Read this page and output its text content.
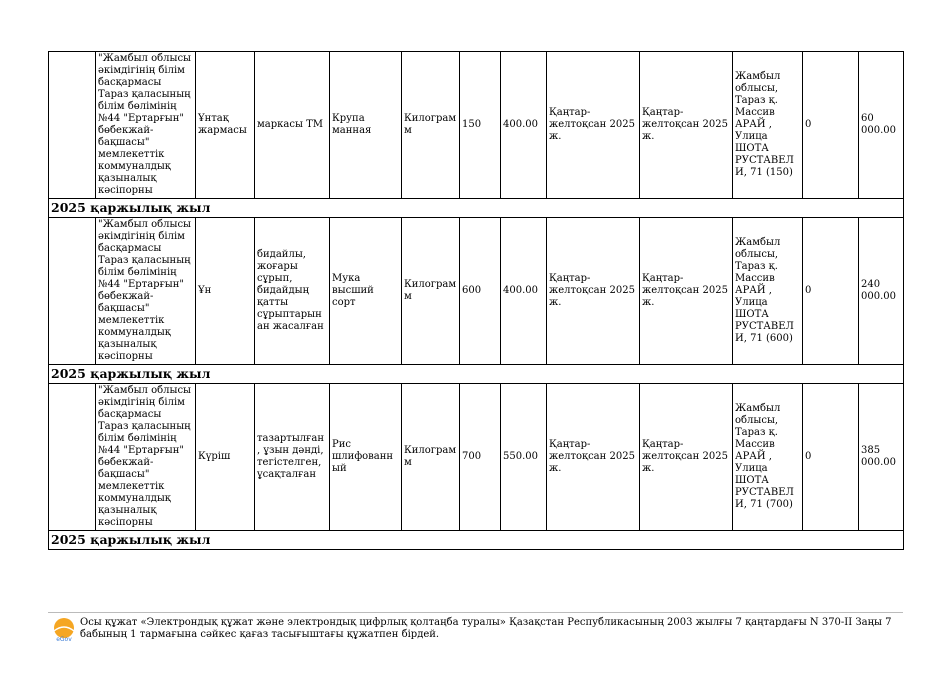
	"Жамбыл облысы әкімдігінің білім басқармасы Тараз қаласының білім бөлімінің №44 "Ертарғын" бөбекжай-бақшасы" мемлекеттік коммуналдық қазыналық кәсіпорны	Ұнтақ жармасы	маркасы ТМ	Крупа манная	Килограмм	150	400.00	Қаңтар-желтоқсан 2025 ж.	Қаңтар-желтоқсан 2025 ж.	Жамбыл облысы, Тараз қ. Массив АРАЙ , Улица ШОТА РУСТАВЕЛИ, 71 (150)	0	60 000.00
2025 қаржылық жыл												
	"Жамбыл облысы әкімдігінің білім басқармасы Тараз қаласының білім бөлімінің №44 "Ертарғын" бөбекжай-бақшасы" мемлекеттік коммуналдық қазыналық кәсіпорны	Ұн	бидайлы, жоғары сұрып, бидайдың қатты сұрыптарынан жасалған	Мука высший сорт	Килограмм	600	400.00	Қаңтар-желтоқсан 2025 ж.	Қаңтар-желтоқсан 2025 ж.	Жамбыл облысы, Тараз қ. Массив АРАЙ , Улица ШОТА РУСТАВЕЛИ, 71 (600)	0	240 000.00
2025 қаржылық жыл												
	"Жамбыл облысы әкімдігінің білім басқармасы Тараз қаласының білім бөлімінің №44 "Ертарғын" бөбекжай-бақшасы" мемлекеттік коммуналдық қазыналық кәсіпорны	Күріш	тазартылған, ұзын дәнді, тегістелген, ұсақталған	Рис шлифованный	Килограмм	700	550.00	Қаңтар-желтоқсан 2025 ж.	Қаңтар-желтоқсан 2025 ж.	Жамбыл облысы, Тараз қ. Массив АРАЙ , Улица ШОТА РУСТАВЕЛИ, 71 (700)	0	385 000.00
2025 қаржылық жыл												
eGov
Осы құжат «Электрондық құжат және электрондық цифрлық қолтаңба туралы» Қазақстан Республикасының 2003 жылғы 7 қаңтардағы N 370-II Заңы 7 бабының 1 тармағына сәйкес қағаз тасығыштағы құжатпен бірдей.
